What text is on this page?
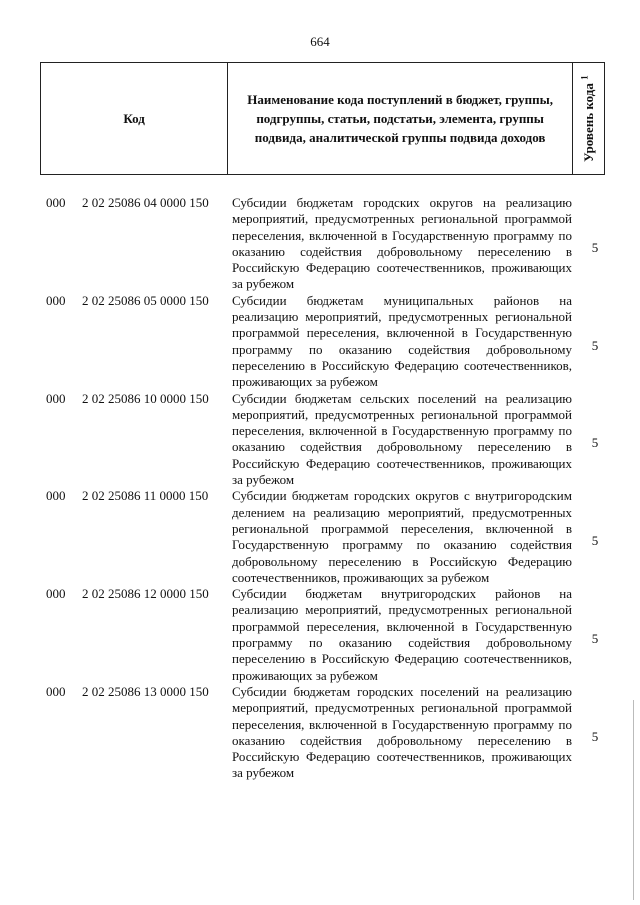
664
Код
Наименование кода поступлений в бюджет, группы, подгруппы, статьи, подстатьи, элемента, группы подвида, аналитической группы подвида доходов	Уровень кода $^1$
000 2 02 25086 04 0000 150 Субсидии бюджетам городских округов на реализацию мероприятий, предусмотренных региональной программой переселения, включенной в Государственную программу по оказанию содействия добровольному переселению в Российскую Федерацию соотечественников, проживающих за рубежом
5
000 2 02 25086 05 0000 150 Субсидии бюджетам муниципальных районов на реализацию мероприятий, предусмотренных региональной программой переселения, включенной в Государственную программу по оказанию содействия добровольному переселению в Российскую Федерацию соотечественников, проживающих за рубежом
5
000 2 02 25086 10 0000 150 Субсидии бюджетам сельских поселений на реализацию мероприятий, предусмотренных региональной программой переселения, включенной в Государственную программу по оказанию содействия добровольному переселению в Российскую Федерацию соотечественников, проживающих за рубежом
5
000 2 02 25086 11 0000 150 Субсидии бюджетам городских округов с внутригородским делением на реализацию мероприятий, предусмотренных региональной программой переселения, включенной в Государственную программу по оказанию содействия добровольному переселению в Российскую Федерацию соотечественников, проживающих за рубежом
5
000 2 02 25086 12 0000 150 Субсидии бюджетам внутригородских районов на реализацию мероприятий, предусмотренных региональной программой переселения, включенной в Государственную программу по оказанию содействия добровольному переселению в Российскую Федерацию соотечественников, проживающих за рубежом
5
000 2 02 25086 13 0000 150 Субсидии бюджетам городских поселений на реализацию мероприятий, предусмотренных региональной программой переселения, включенной в Государственную программу по оказанию содействия добровольному переселению в Российскую Федерацию соотечественников, проживающих за рубежом
5
